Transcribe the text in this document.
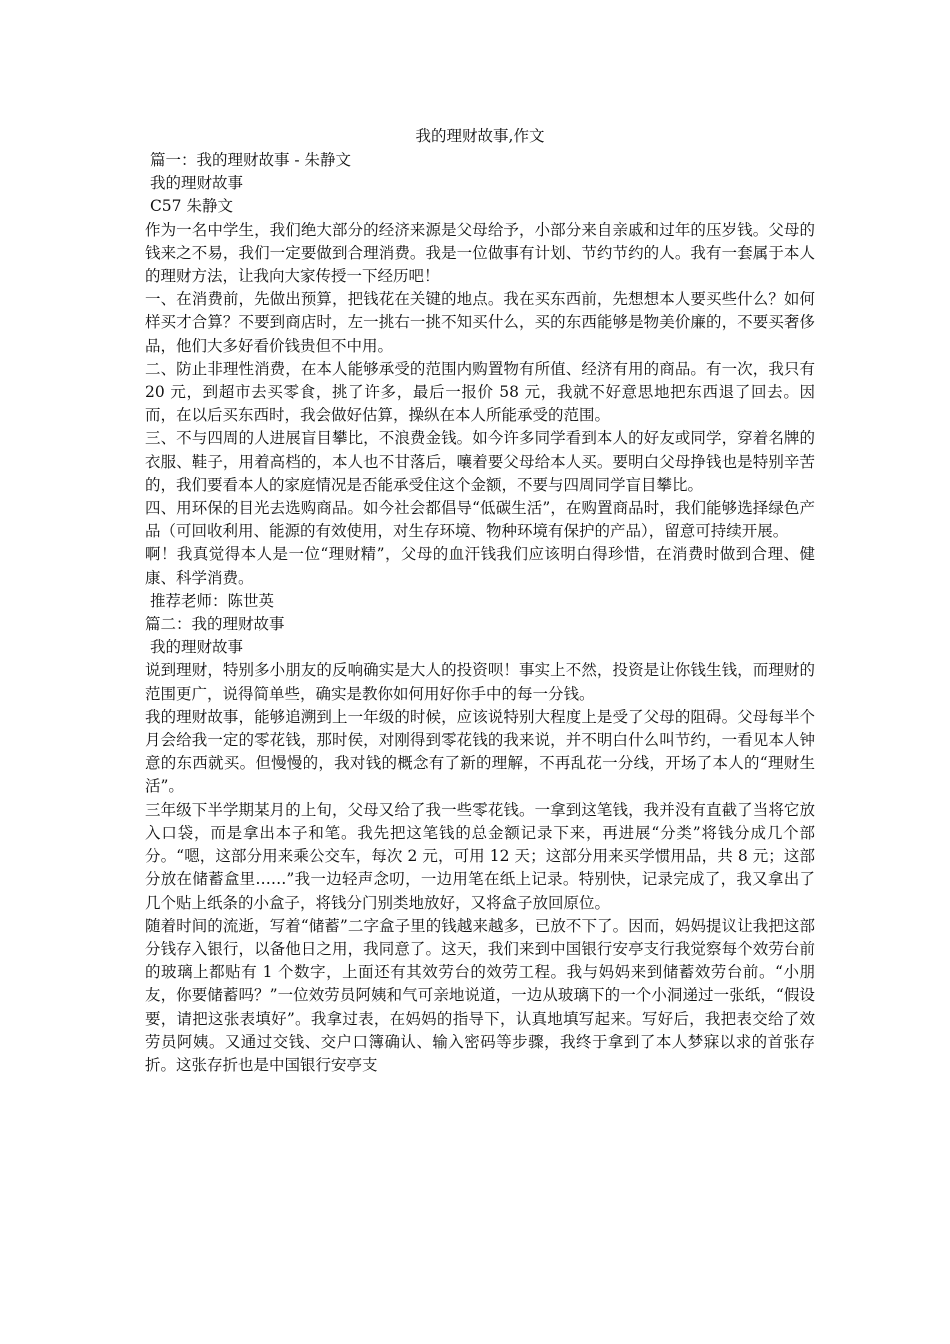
我的理财故事,作文
篇一：我的理财故事 - 朱静文
我的理财故事
C57 朱静文
作为一名中学生，我们绝大部分的经济来源是父母给予，小部分来自亲戚和过年的压岁钱。父母的钱来之不易，我们一定要做到合理消费。我是一位做事有计划、节约节约的人。我有一套属于本人的理财方法，让我向大家传授一下经历吧！
一、在消费前，先做出预算，把钱花在关键的地点。我在买东西前，先想想本人要买些什么？如何样买才合算？不要到商店时，左一挑右一挑不知买什么，买的东西能够是物美价廉的，不要买奢侈品，他们大多好看价钱贵但不中用。
二、防止非理性消费，在本人能够承受的范围内购置物有所值、经济有用的商品。有一次，我只有 20 元，到超市去买零食，挑了许多，最后一报价 58 元，我就不好意思地把东西退了回去。因而，在以后买东西时，我会做好估算，操纵在本人所能承受的范围。
三、不与四周的人进展盲目攀比，不浪费金钱。如今许多同学看到本人的好友或同学，穿着名牌的衣服、鞋子，用着高档的，本人也不甘落后，嚷着要父母给本人买。要明白父母挣钱也是特别辛苦的，我们要看本人的家庭情况是否能承受住这个金额，不要与四周同学盲目攀比。
四、用环保的目光去选购商品。如今社会都倡导“低碳生活”，在购置商品时，我们能够选择绿色产品（可回收利用、能源的有效使用，对生存环境、物种环境有保护的产品），留意可持续开展。
啊！我真觉得本人是一位“理财精”，父母的血汗钱我们应该明白得珍惜，在消费时做到合理、健康、科学消费。
推荐老师：陈世英
篇二：我的理财故事
我的理财故事
说到理财，特别多小朋友的反响确实是大人的投资呗！事实上不然，投资是让你钱生钱，而理财的范围更广，说得简单些，确实是教你如何用好你手中的每一分钱。
我的理财故事，能够追溯到上一年级的时候，应该说特别大程度上是受了父母的阻碍。父母每半个月会给我一定的零花钱，那时侯，对刚得到零花钱的我来说，并不明白什么叫节约，一看见本人钟意的东西就买。但慢慢的，我对钱的概念有了新的理解，不再乱花一分线，开场了本人的“理财生活”。
三年级下半学期某月的上旬，父母又给了我一些零花钱。一拿到这笔钱，我并没有直截了当将它放入口袋，而是拿出本子和笔。我先把这笔钱的总金额记录下来，再进展“分类”将钱分成几个部分。“嗯，这部分用来乘公交车，每次 2 元，可用 12 天；这部分用来买学惯用品，共 8 元；这部分放在储蓄盒里……”我一边轻声念叨，一边用笔在纸上记录。特别快，记录完成了，我又拿出了几个贴上纸条的小盒子，将钱分门别类地放好，又将盒子放回原位。
随着时间的流逝，写着“储蓄”二字盒子里的钱越来越多，已放不下了。因而，妈妈提议让我把这部分钱存入银行，以备他日之用，我同意了。这天，我们来到中国银行安亭支行我觉察每个效劳台前的玻璃上都贴有 1 个数字，上面还有其效劳台的效劳工程。我与妈妈来到储蓄效劳台前。“小朋友，你要储蓄吗？”一位效劳员阿姨和气可亲地说道，一边从玻璃下的一个小洞递过一张纸，“假设要，请把这张表填好”。我拿过表，在妈妈的指导下，认真地填写起来。写好后，我把表交给了效劳员阿姨。又通过交钱、交户口簿确认、输入密码等步骤，我终于拿到了本人梦寐以求的首张存折。这张存折也是中国银行安亭支
